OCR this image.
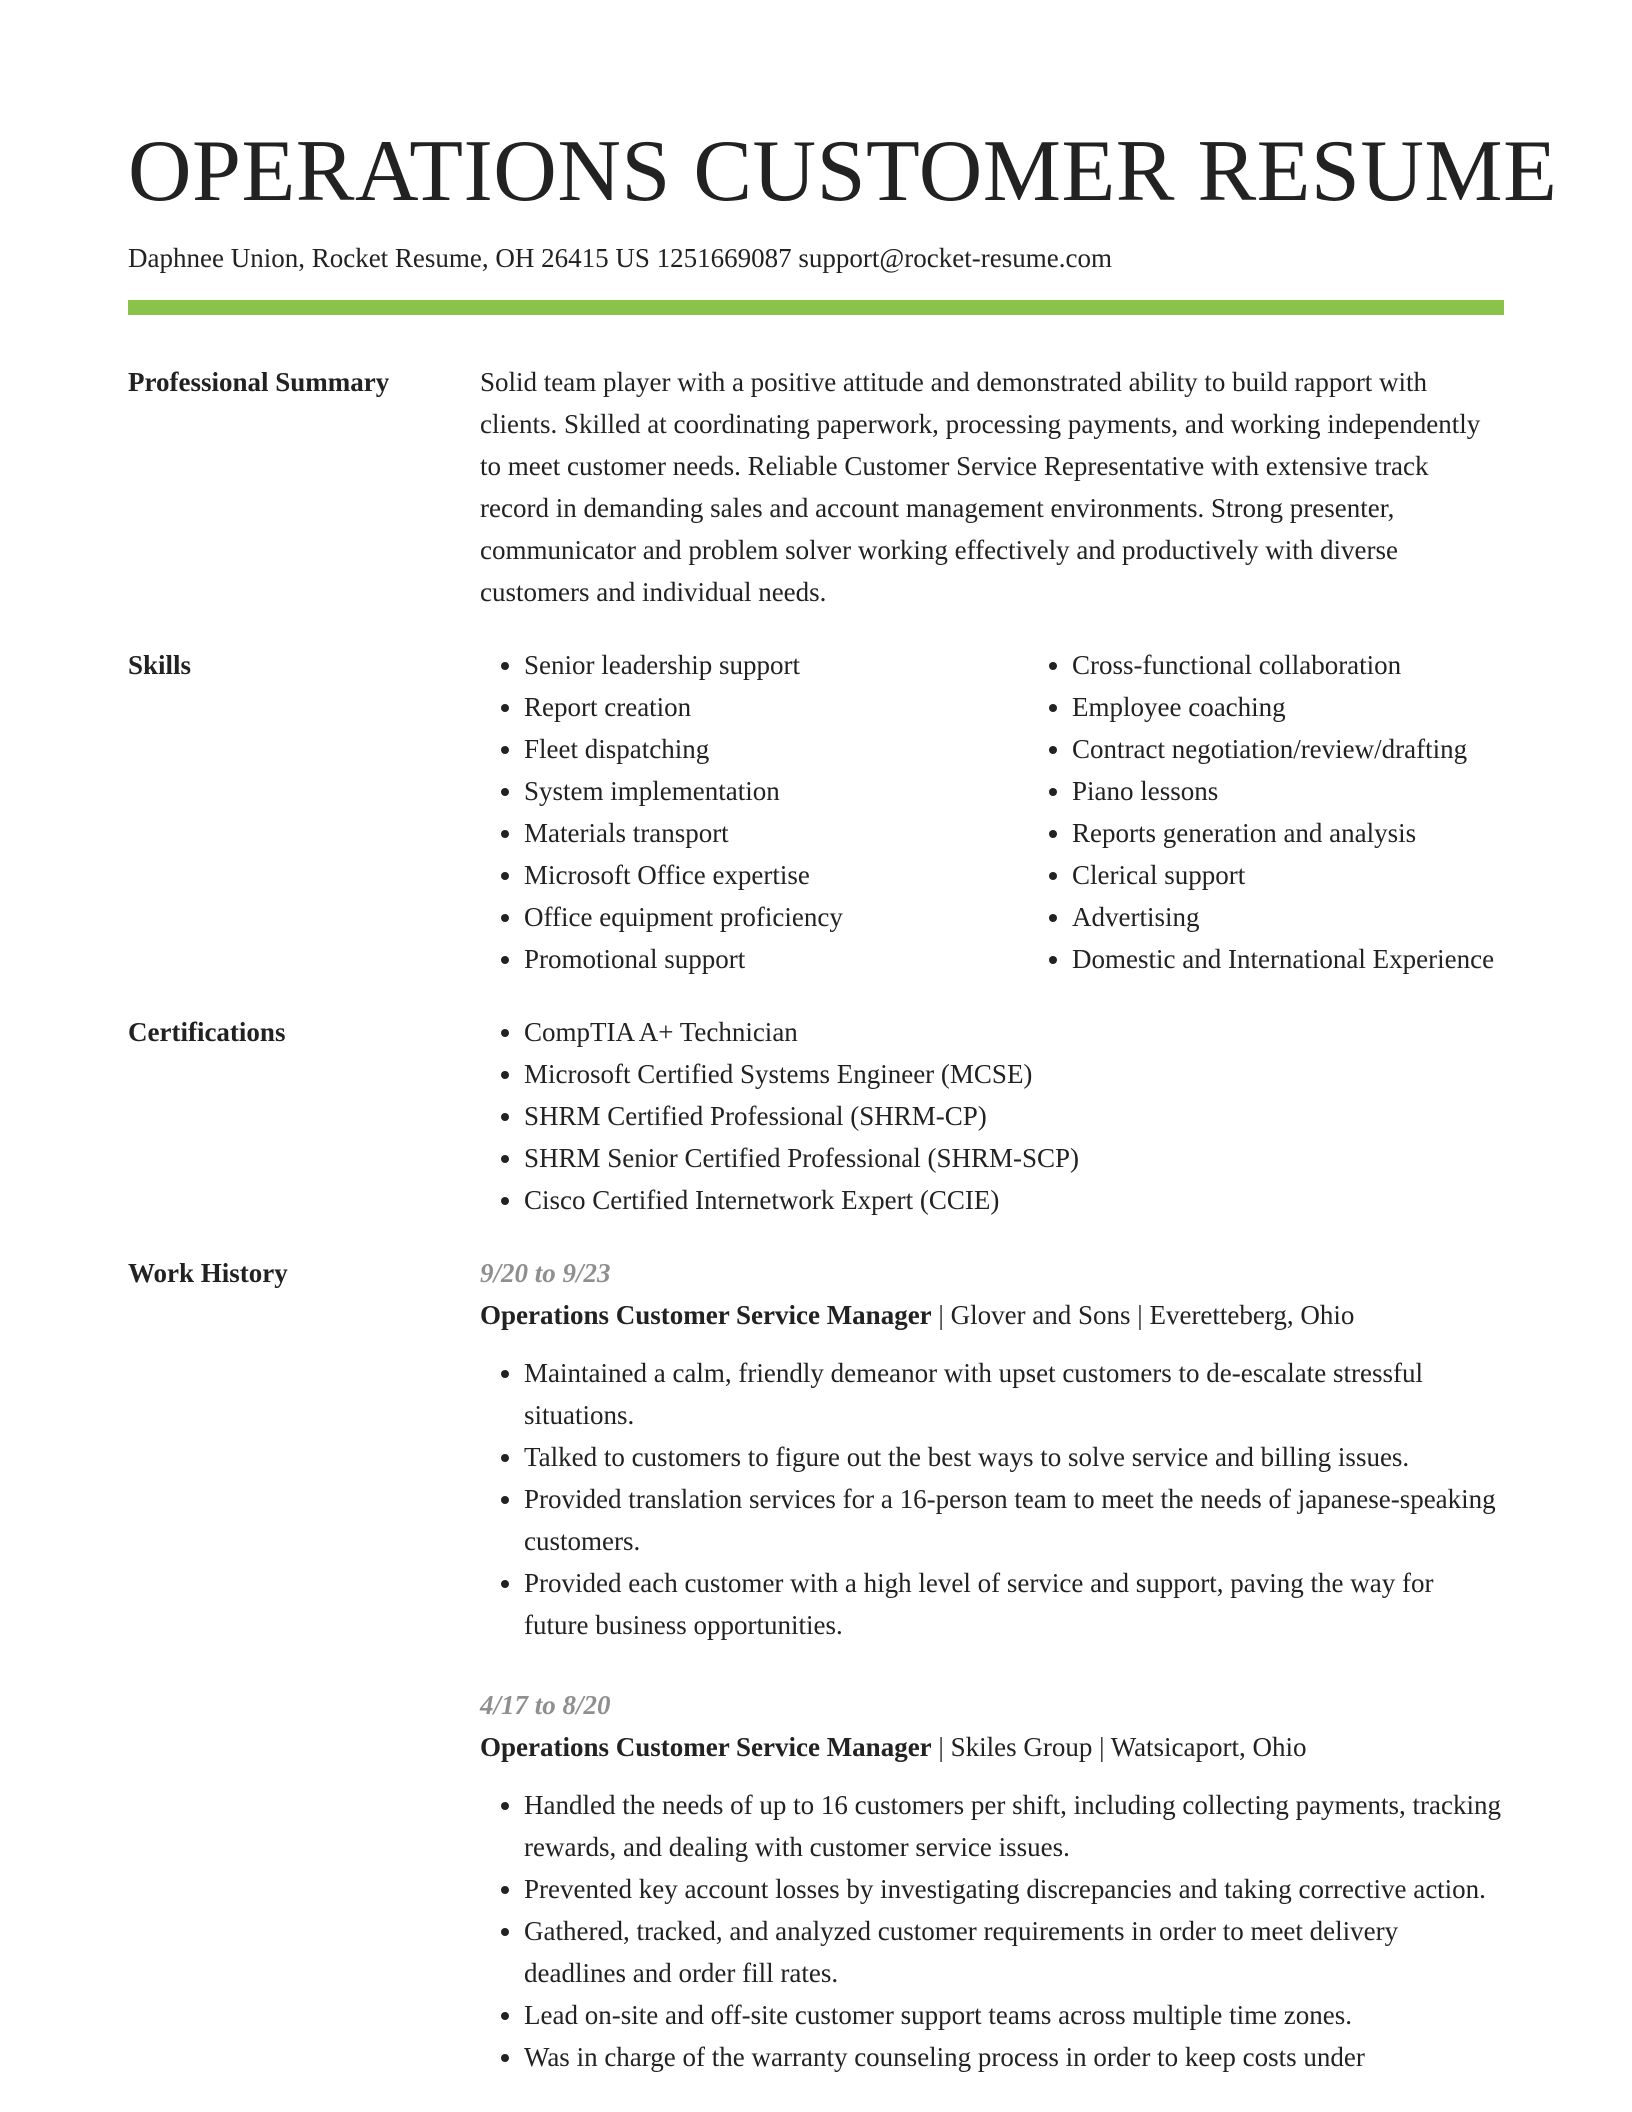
OPERATIONS CUSTOMER RESUME
Daphnee Union, Rocket Resume, OH 26415 US 1251669087 support@rocket-resume.com
Professional Summary	Solid team player with a positive attitude and demonstrated ability to build rapport with clients. Skilled at coordinating paperwork, processing payments, and working independently to meet customer needs. Reliable Customer Service Representative with extensive track record in demanding sales and account management environments. Strong presenter, communicator and problem solver working effectively and productively with diverse customers and individual needs.

Skills	• Senior leadership support
• Report creation
• Fleet dispatching
• System implementation
• Materials transport
• Microsoft Office expertise
• Office equipment proficiency
• Promotional support
• Cross-functional collaboration
• Employee coaching
• Contract negotiation/review/drafting
• Piano lessons
• Reports generation and analysis
• Clerical support
• Advertising
• Domestic and International Experience
Certifications	• CompTIA A+ Technician
• Microsoft Certified Systems Engineer (MCSE)
• SHRM Certified Professional (SHRM-CP)
• SHRM Senior Certified Professional (SHRM-SCP)
• Cisco Certified Internetwork Expert (CCIE)
Work History	9/20 to 9/23
Operations Customer Service Manager | Glover and Sons | Everetteberg, Ohio
• Maintained a calm, friendly demeanor with upset customers to de-escalate stressful situations.
• Talked to customers to figure out the best ways to solve service and billing issues.
• Provided translation services for a 16-person team to meet the needs of japanese-speaking customers.
• Provided each customer with a high level of service and support, paving the way for future business opportunities.
4/17 to 8/20
Operations Customer Service Manager | Skiles Group | Watsicaport, Ohio
• Handled the needs of up to 16 customers per shift, including collecting payments, tracking rewards, and dealing with customer service issues.
• Prevented key account losses by investigating discrepancies and taking corrective action.
• Gathered, tracked, and analyzed customer requirements in order to meet delivery deadlines and order fill rates.
• Lead on-site and off-site customer support teams across multiple time zones.
• Was in charge of the warranty counseling process in order to keep costs under
